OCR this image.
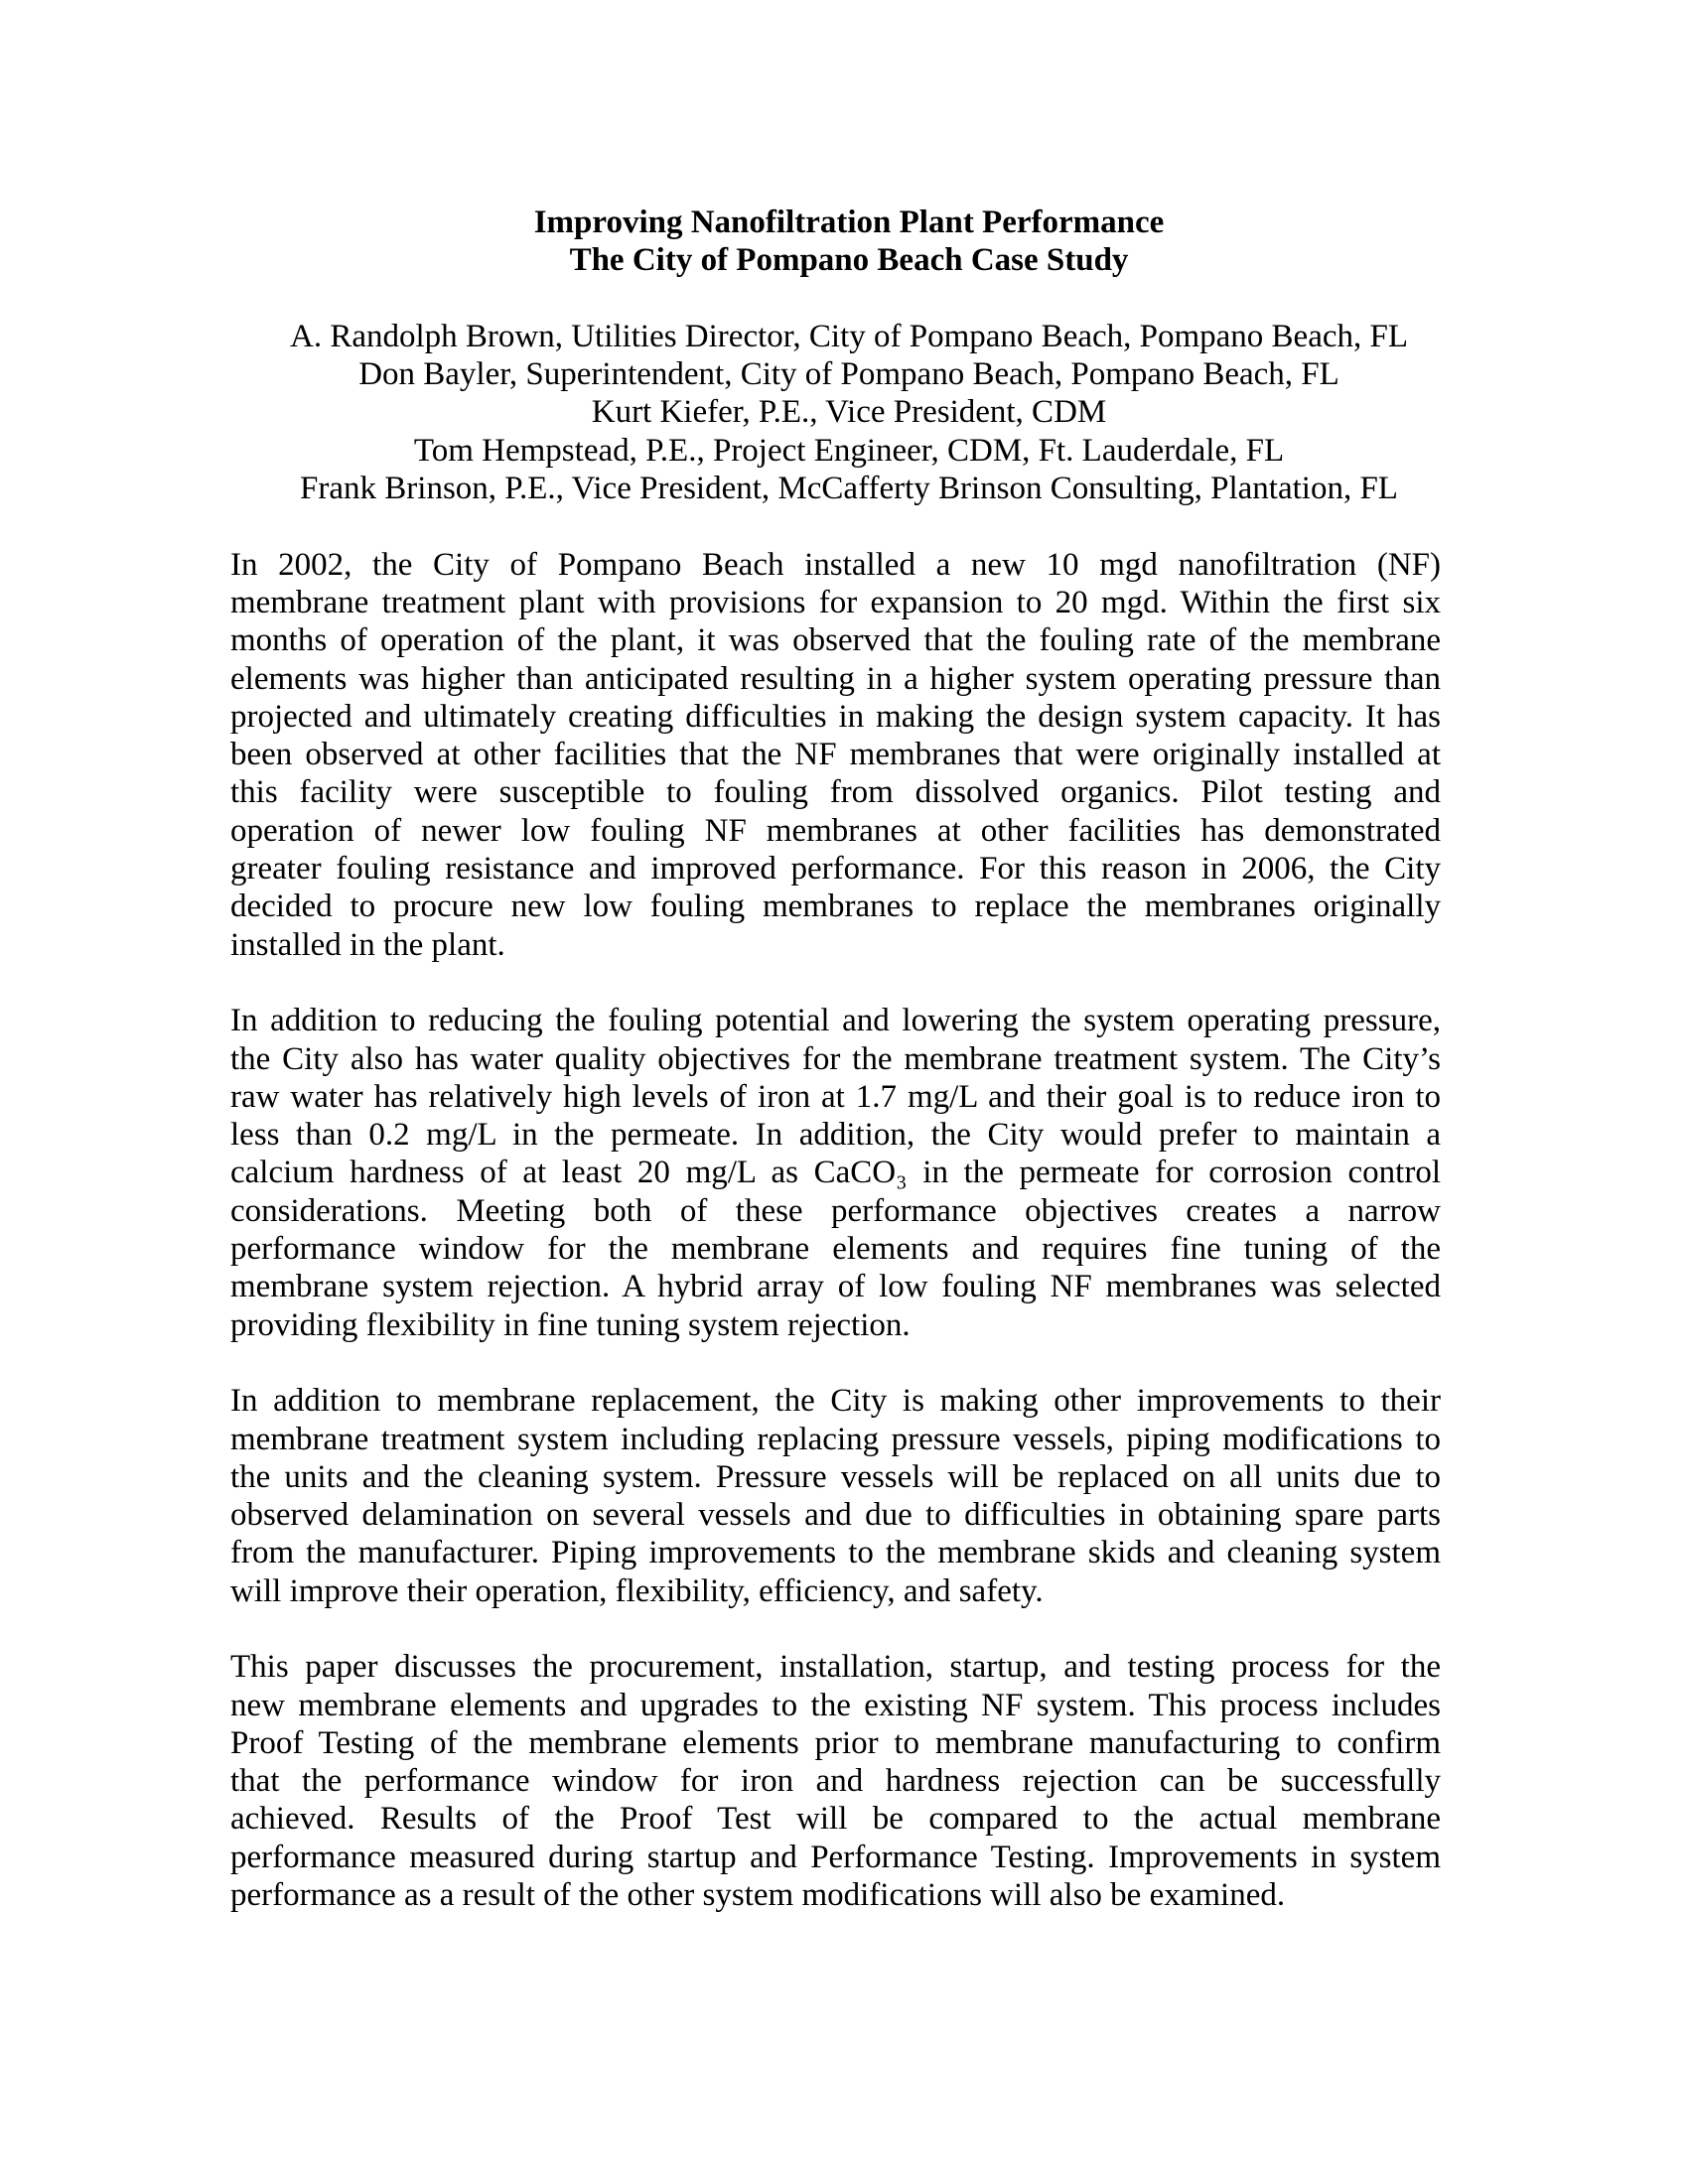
Improving Nanofiltration Plant Performance
The City of Pompano Beach Case Study
A. Randolph Brown, Utilities Director, City of Pompano Beach, Pompano Beach, FL
Don Bayler, Superintendent, City of Pompano Beach, Pompano Beach, FL
Kurt Kiefer, P.E., Vice President, CDM
Tom Hempstead, P.E., Project Engineer, CDM, Ft. Lauderdale, FL
Frank Brinson, P.E., Vice President, McCafferty Brinson Consulting, Plantation, FL

In 2002, the City of Pompano Beach installed a new 10 mgd nanofiltration (NF)
membrane treatment plant with provisions for expansion to 20 mgd. Within the first six
months of operation of the plant, it was observed that the fouling rate of the membrane
elements was higher than anticipated resulting in a higher system operating pressure than
projected and ultimately creating difficulties in making the design system capacity. It has
been observed at other facilities that the NF membranes that were originally installed at
this facility were susceptible to fouling from dissolved organics. Pilot testing and
operation of newer low fouling NF membranes at other facilities has demonstrated
greater fouling resistance and improved performance. For this reason in 2006, the City
decided to procure new low fouling membranes to replace the membranes originally
installed in the plant.

In addition to reducing the fouling potential and lowering the system operating pressure,
the City also has water quality objectives for the membrane treatment system. The City’s
raw water has relatively high levels of iron at 1.7 mg/L and their goal is to reduce iron to
less than 0.2 mg/L in the permeate. In addition, the City would prefer to maintain a
calcium hardness of at least 20 mg/L as CaCO₃ in the permeate for corrosion control
considerations. Meeting both of these performance objectives creates a narrow
performance window for the membrane elements and requires fine tuning of the
membrane system rejection. A hybrid array of low fouling NF membranes was selected
providing flexibility in fine tuning system rejection.

In addition to membrane replacement, the City is making other improvements to their
membrane treatment system including replacing pressure vessels, piping modifications to
the units and the cleaning system. Pressure vessels will be replaced on all units due to
observed delamination on several vessels and due to difficulties in obtaining spare parts
from the manufacturer. Piping improvements to the membrane skids and cleaning system
will improve their operation, flexibility, efficiency, and safety.

This paper discusses the procurement, installation, startup, and testing process for the
new membrane elements and upgrades to the existing NF system. This process includes
Proof Testing of the membrane elements prior to membrane manufacturing to confirm
that the performance window for iron and hardness rejection can be successfully
achieved. Results of the Proof Test will be compared to the actual membrane
performance measured during startup and Performance Testing. Improvements in system
performance as a result of the other system modifications will also be examined.
